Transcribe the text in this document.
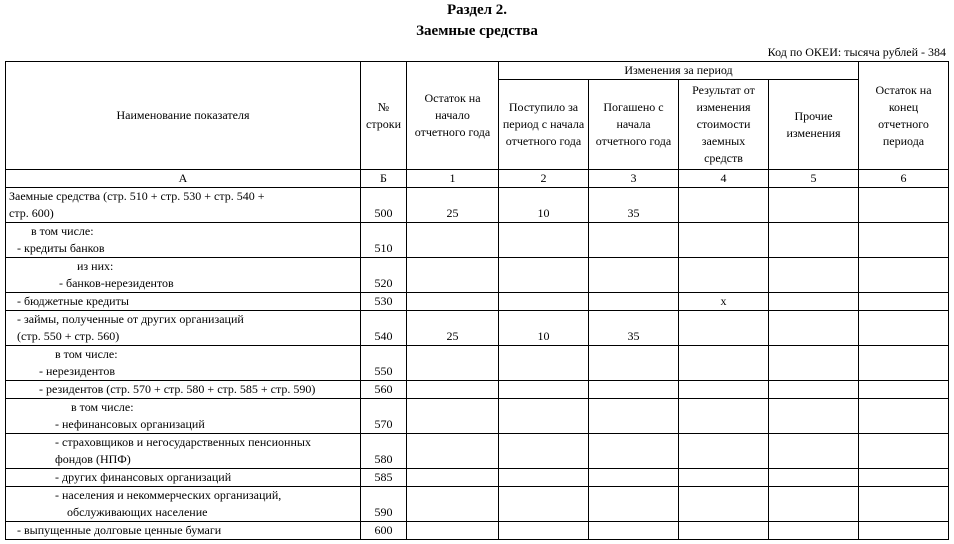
Раздел 2.
Заемные средства
Код по ОКЕИ: тысяча рублей - 384
Наименование показателя	№ строки	Остаток на начало отчетного года	Изменения за период				Остаток на конец отчетного периода
			Поступило за период с начала отчетного года	Погашено с начала отчетного года	Результат от изменения стоимости заемных средств	Прочие изменения	
А	Б	1	2	3	4	5	6

Заемные средства (стр. 510 + стр. 530 + стр. 540 +
стр. 600)	500	25	10	35			

в том числе:
- кредиты банков	510						

из них:
- банков-нерезидентов	520						

- бюджетные кредиты	530				x		

- займы, полученные от других организаций
(стр. 550 + стр. 560)	540	25	10	35			

в том числе:
- нерезидентов	550						

- резидентов (стр. 570 + стр. 580 + стр. 585 + стр. 590)	560						

в том числе:
- нефинансовых организаций	570						

- страховщиков и негосударственных пенсионных
фондов (НПФ)	580						

- других финансовых организаций	585						

- населения и некоммерческих организаций,
обслуживающих население	590						

- выпущенные долговые ценные бумаги	600						
